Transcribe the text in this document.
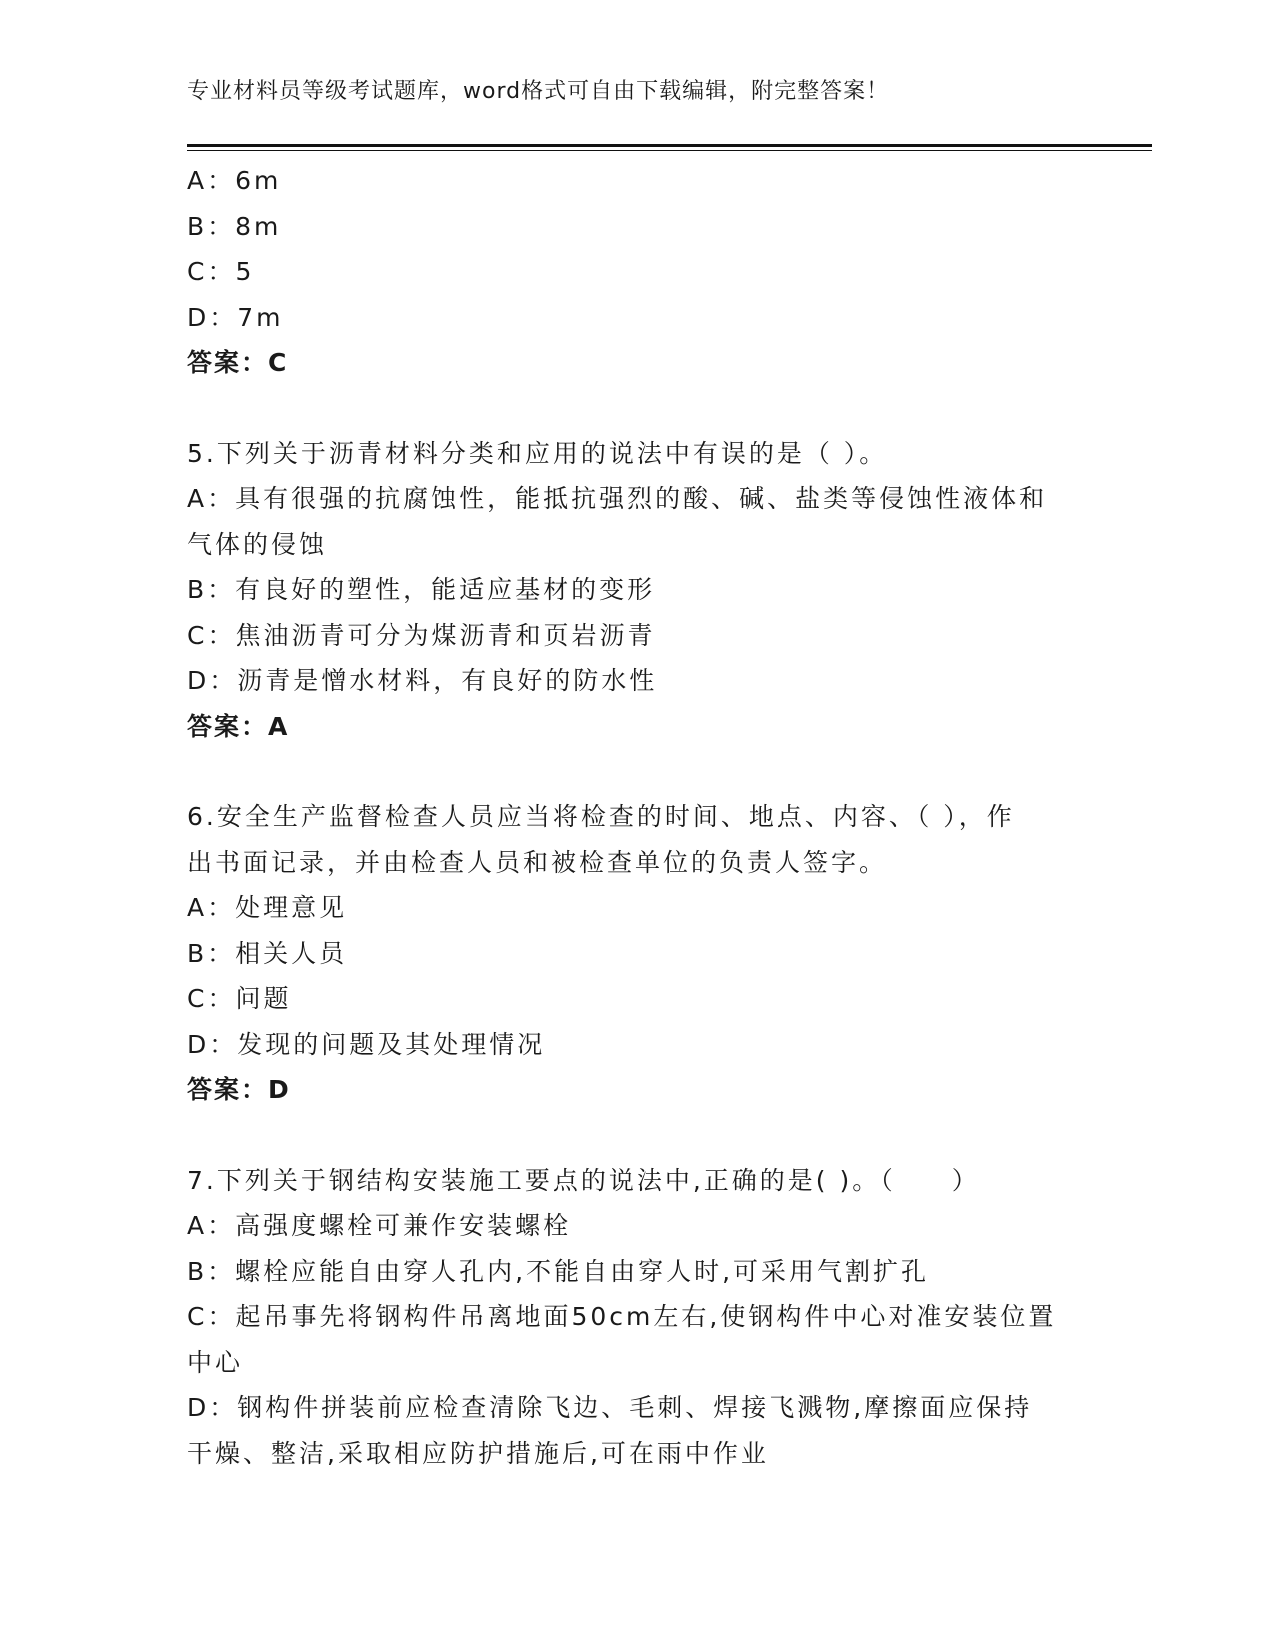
专业材料员等级考试题库，word格式可自由下载编辑，附完整答案！
A：6m
B：8m
C：5
D：7m
答案：C
5.下列关于沥青材料分类和应用的说法中有误的是（ ）。
A：具有很强的抗腐蚀性，能抵抗强烈的酸、碱、盐类等侵蚀性液体和
气体的侵蚀
B：有良好的塑性，能适应基材的变形
C：焦油沥青可分为煤沥青和页岩沥青
D：沥青是憎水材料，有良好的防水性
答案：A
6.安全生产监督检查人员应当将检查的时间、地点、内容、（ ），作
出书面记录，并由检查人员和被检查单位的负责人签字。
A：处理意见
B：相关人员
C：问题
D：发现的问题及其处理情况
答案：D
7.下列关于钢结构安装施工要点的说法中,正确的是( )。（　　）
A：高强度螺栓可兼作安装螺栓
B：螺栓应能自由穿人孔内,不能自由穿人时,可采用气割扩孔
C：起吊事先将钢构件吊离地面50cm左右,使钢构件中心对准安装位置
中心
D：钢构件拼装前应检查清除飞边、毛刺、焊接飞溅物,摩擦面应保持
干燥、整洁,采取相应防护措施后,可在雨中作业
